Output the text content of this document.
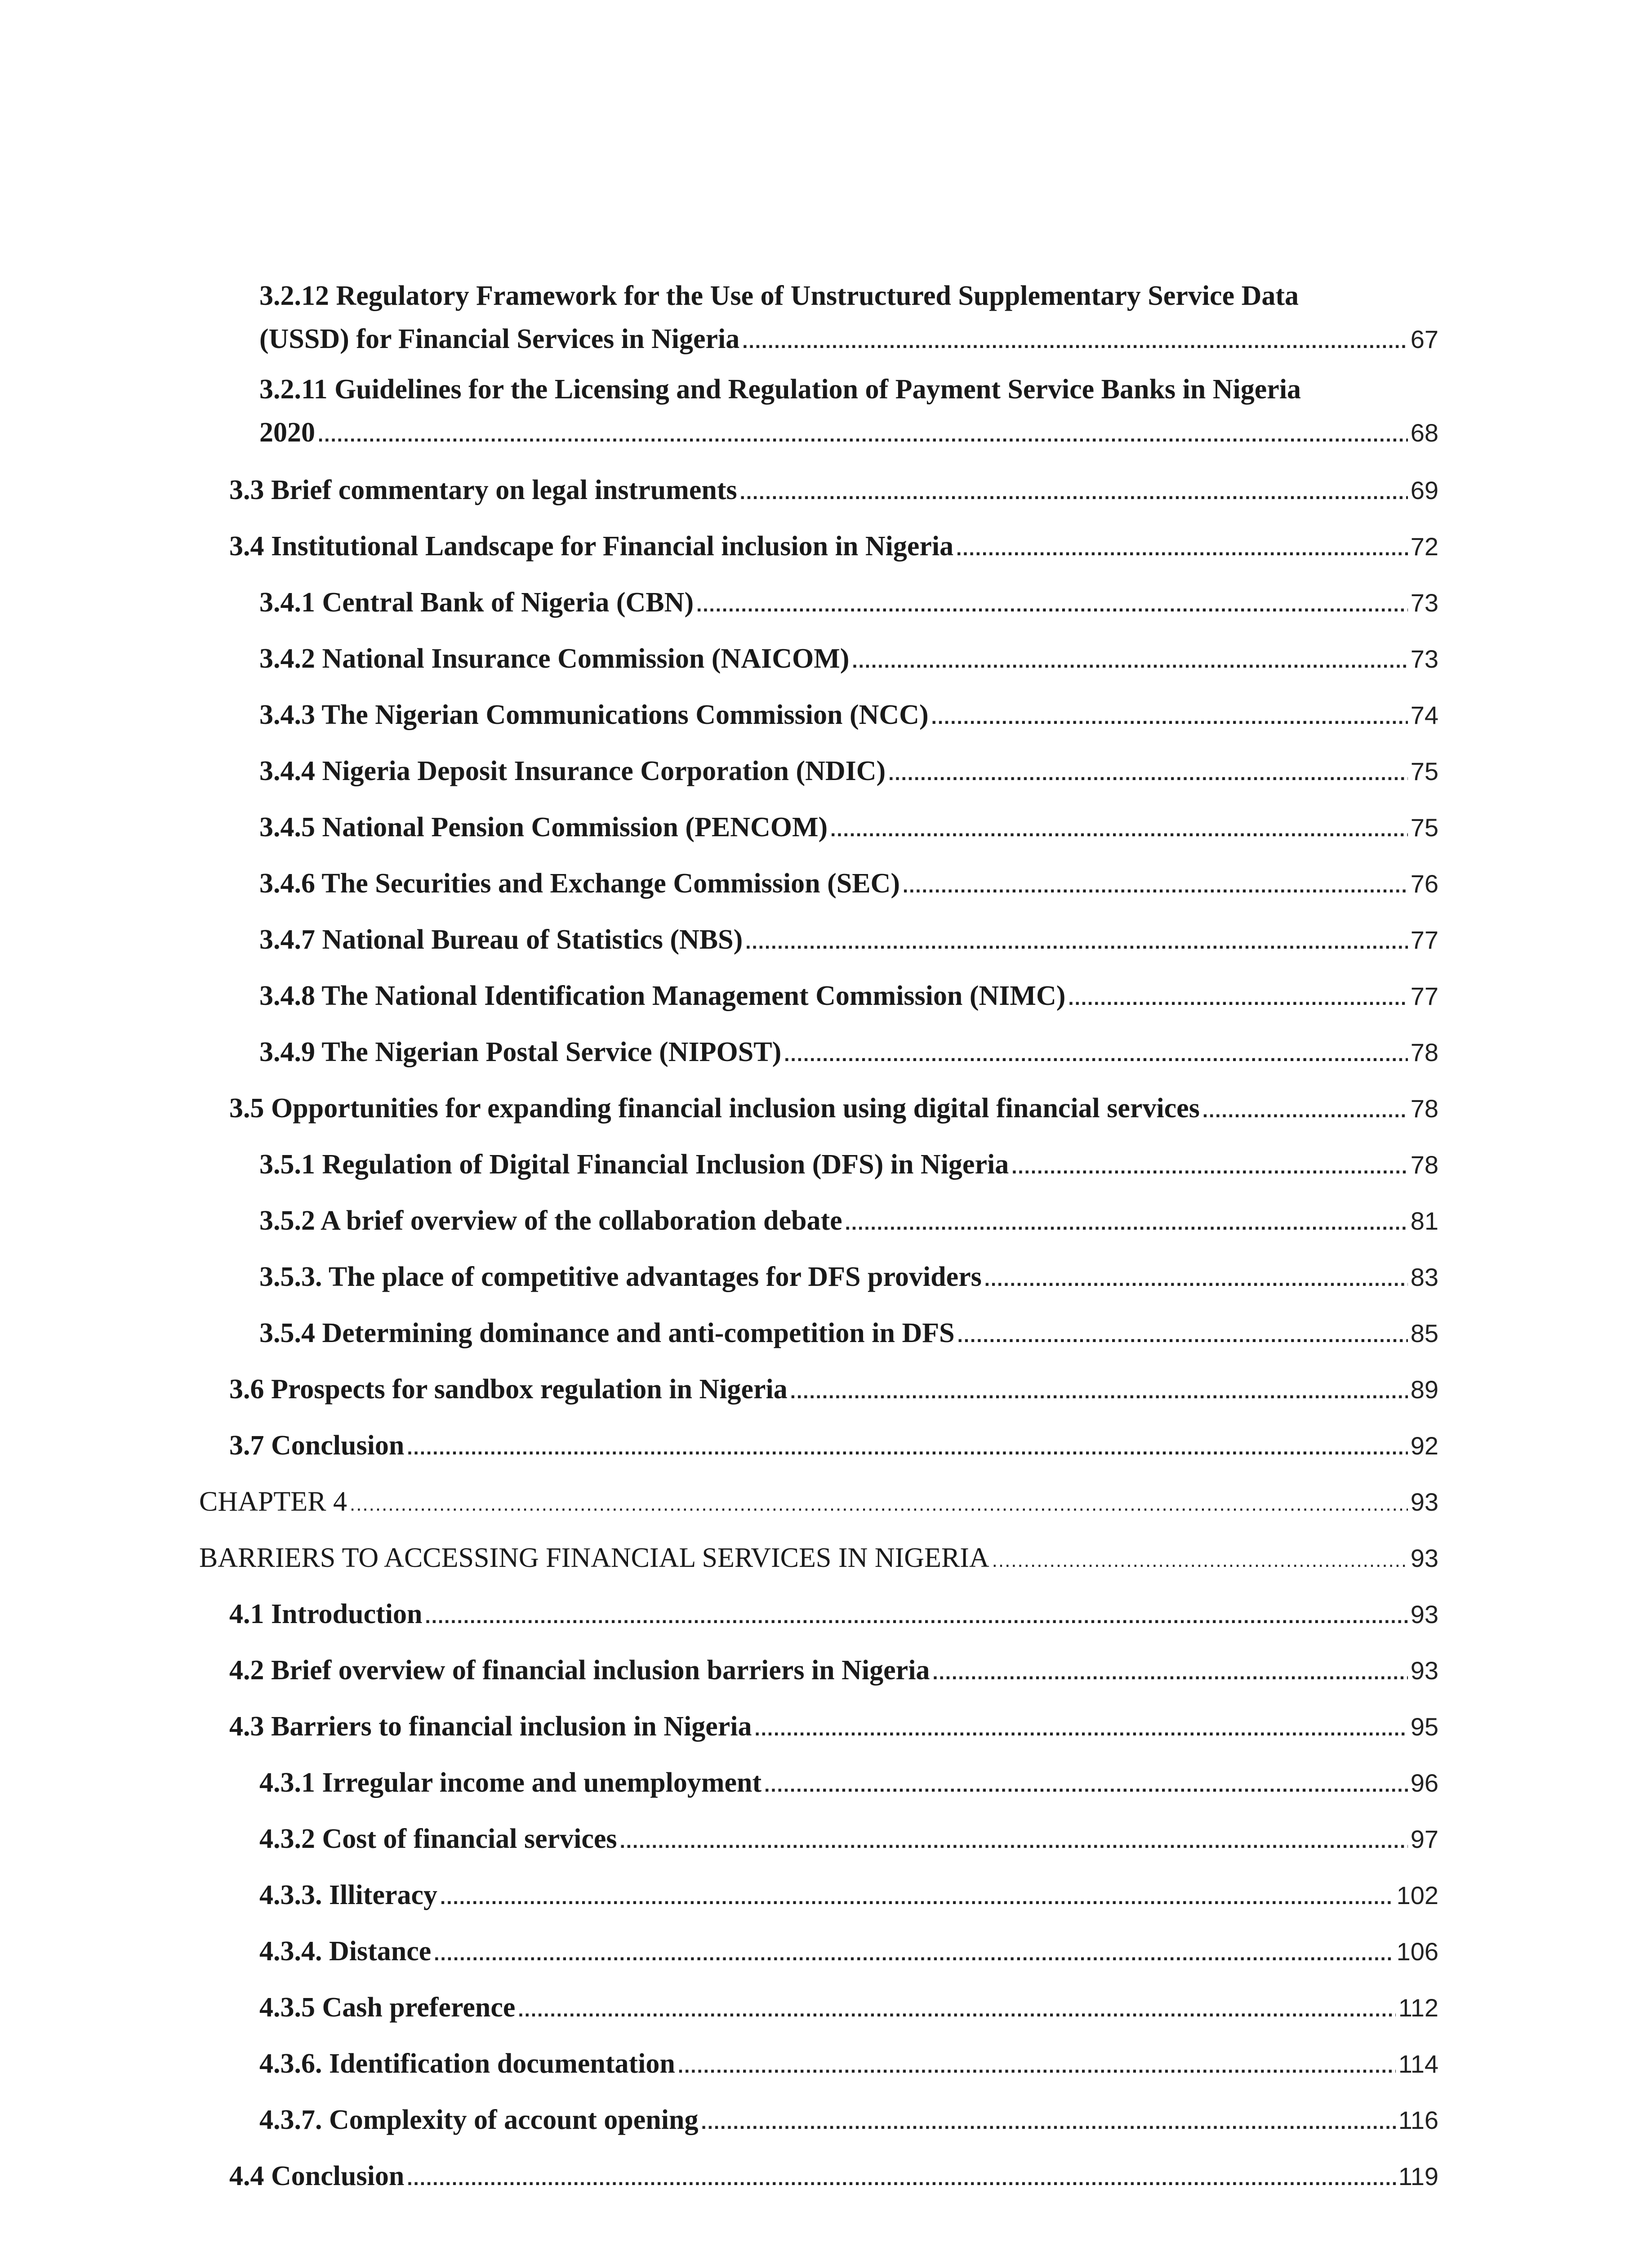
3.2.12 Regulatory Framework for the Use of Unstructured Supplementary Service Data
(USSD) for Financial Services in Nigeria .....	67
3.2.11 Guidelines for the Licensing and Regulation of Payment Service Banks in Nigeria
2020 .....	68
3.3 Brief commentary on legal instruments .....	69
3.4 Institutional Landscape for Financial inclusion in Nigeria .....	72
3.4.1 Central Bank of Nigeria (CBN) .....	73
3.4.2 National Insurance Commission (NAICOM) .....	73
3.4.3 The Nigerian Communications Commission (NCC) .....	74
3.4.4 Nigeria Deposit Insurance Corporation (NDIC) .....	75
3.4.5 National Pension Commission (PENCOM) .....	75
3.4.6 The Securities and Exchange Commission (SEC) .....	76
3.4.7 National Bureau of Statistics (NBS) .....	77
3.4.8 The National Identification Management Commission (NIMC) .....	77
3.4.9 The Nigerian Postal Service (NIPOST) .....	78
3.5 Opportunities for expanding financial inclusion using digital financial services .....	78
3.5.1 Regulation of Digital Financial Inclusion (DFS) in Nigeria .....	78
3.5.2 A brief overview of the collaboration debate .....	81
3.5.3. The place of competitive advantages for DFS providers .....	83
3.5.4 Determining dominance and anti-competition in DFS .....	85
3.6 Prospects for sandbox regulation in Nigeria .....	89
3.7 Conclusion .....	92
CHAPTER 4 .....	93
BARRIERS TO ACCESSING FINANCIAL SERVICES IN NIGERIA .....	93
4.1 Introduction .....	93
4.2 Brief overview of financial inclusion barriers in Nigeria .....	93
4.3 Barriers to financial inclusion in Nigeria .....	95
4.3.1 Irregular income and unemployment .....	96
4.3.2 Cost of financial services .....	97
4.3.3. Illiteracy .....	102
4.3.4. Distance .....	106
4.3.5 Cash preference .....	112
4.3.6. Identification documentation .....	114
4.3.7. Complexity of account opening .....	116
4.4 Conclusion .....	119
